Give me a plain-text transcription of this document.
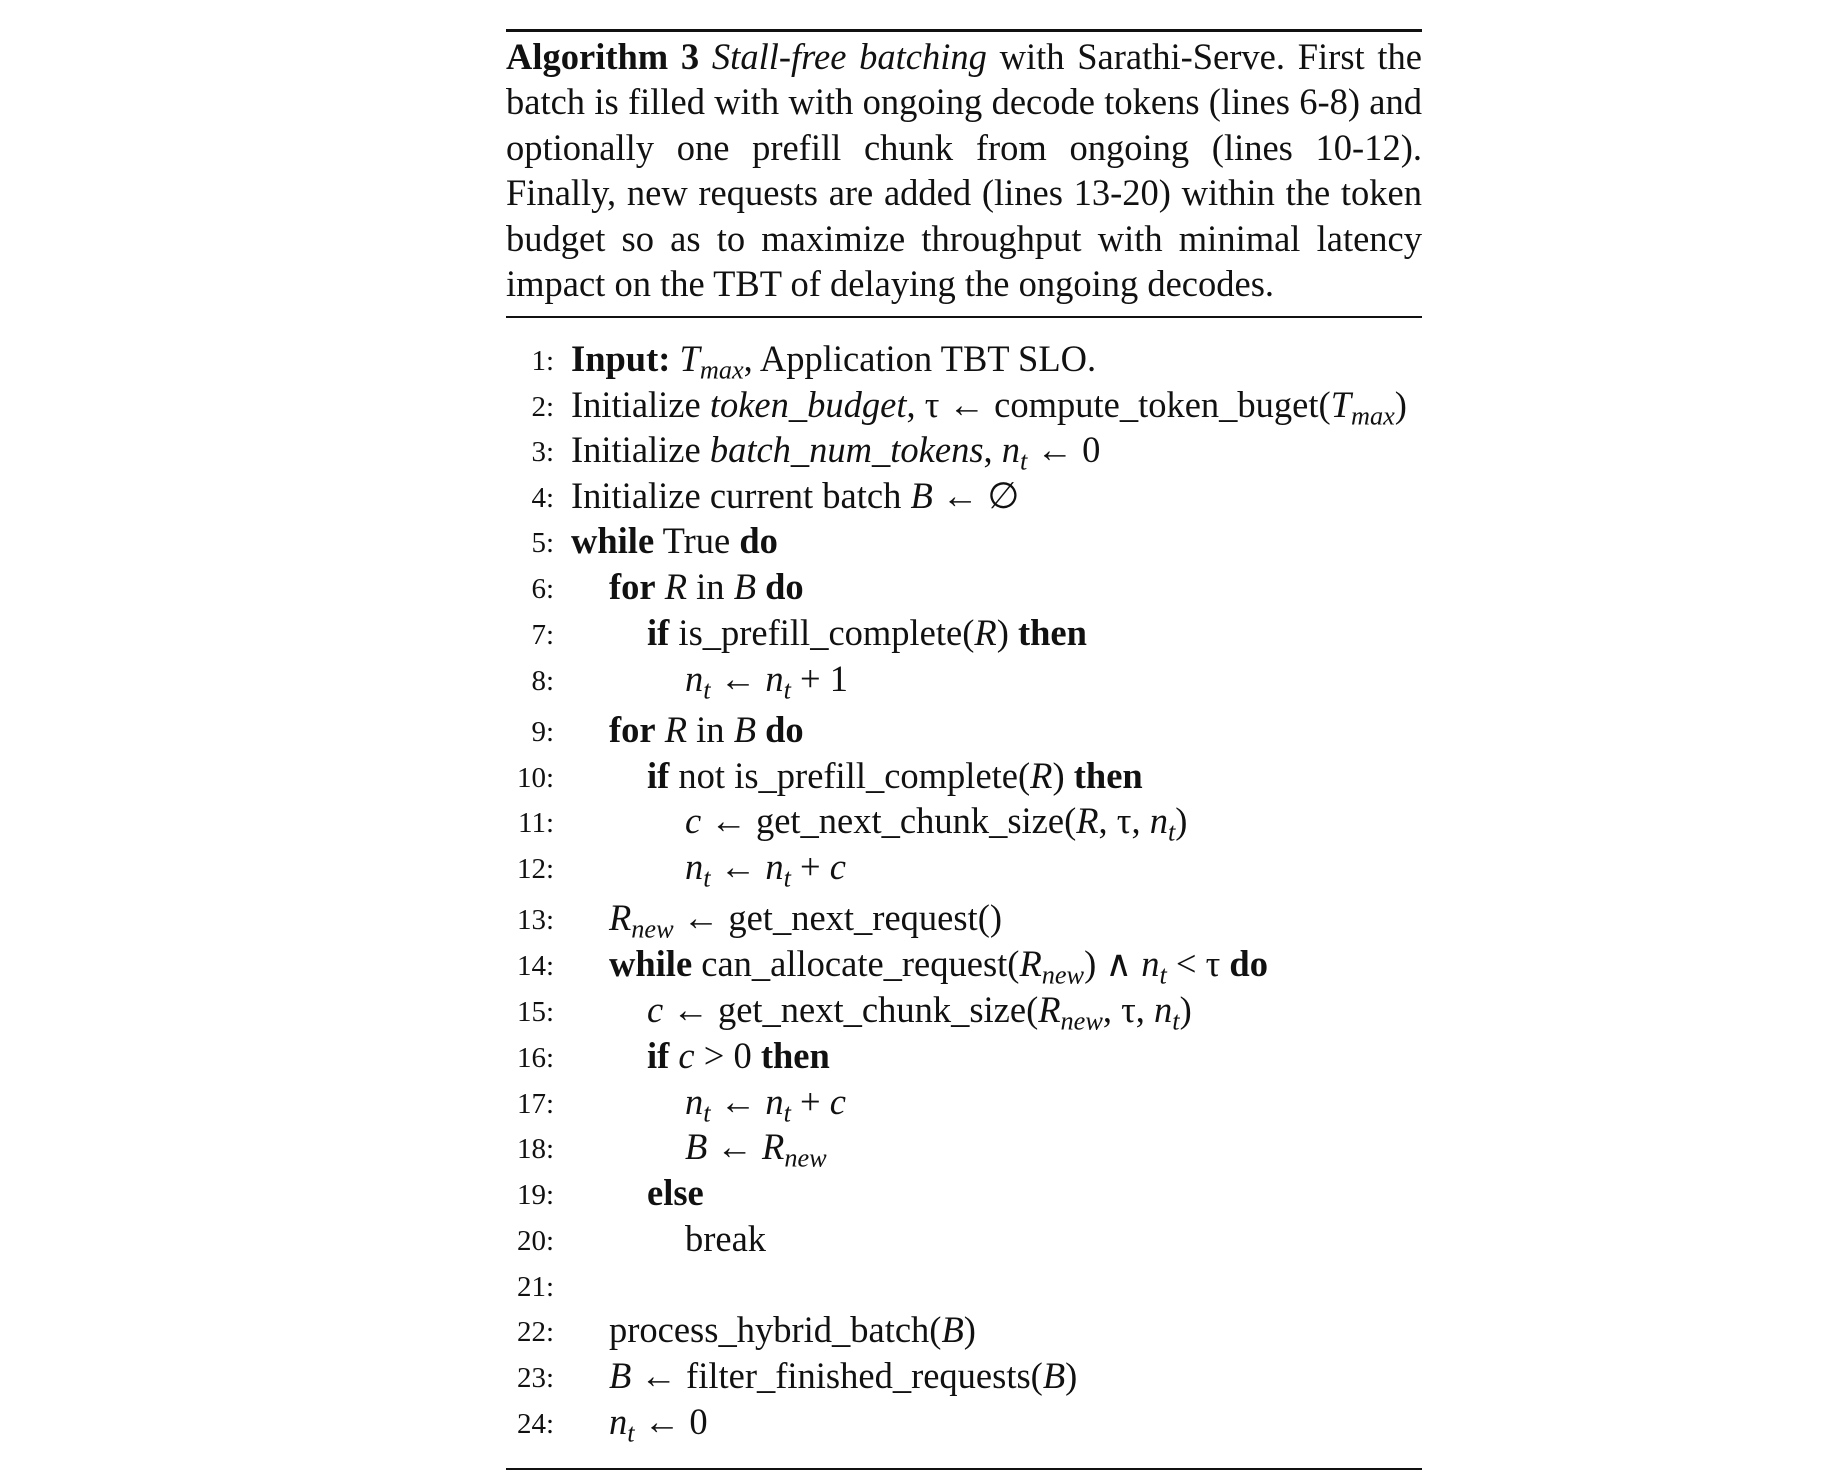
Algorithm 3 Stall-free batching with Sarathi-Serve. First the batch is filled with with ongoing decode tokens (lines 6-8) and optionally one prefill chunk from ongoing (lines 10-12). Finally, new requests are added (lines 13-20) within the token budget so as to maximize throughput with minimal latency impact on the TBT of delaying the ongoing decodes.
1: Input: $T_{max}$, Application TBT SLO.
2: Initialize token_budget, τ ← $compute\_token\_buget(T_{max})$
3: Initialize batch_num_tokens, $n_t$ ← 0
4: Initialize current batch B ← ∅
5: while True do
6: for R in B do
7:	if is_prefill_complete(R) then
8:	$n_t$ ← $n_t + 1$
9: for R in B do
10:	if not is_prefill_complete(R) then
11:	c ← get_next_chunk_size(R, τ, $n_t$)
12:	$n_t$ ← $n_t + c$
13: $R_{new}$ ← get_next_request()
14: while $can\_allocate\_request(R_{new})$ ∧ $n_t < \tau$ do
15:	c ← $get\_next\_chunk\_size(R_{new}$, τ, $n_t$)
16:	if c > 0 then
17:	$n_t$ ← $n_t + c$
18:	B ← $R_{new}$
19:	else
20:	break
21:
22: process_hybrid_batch(B)
23: B ← filter_finished_requests(B)
24: $n_t$ ← 0
